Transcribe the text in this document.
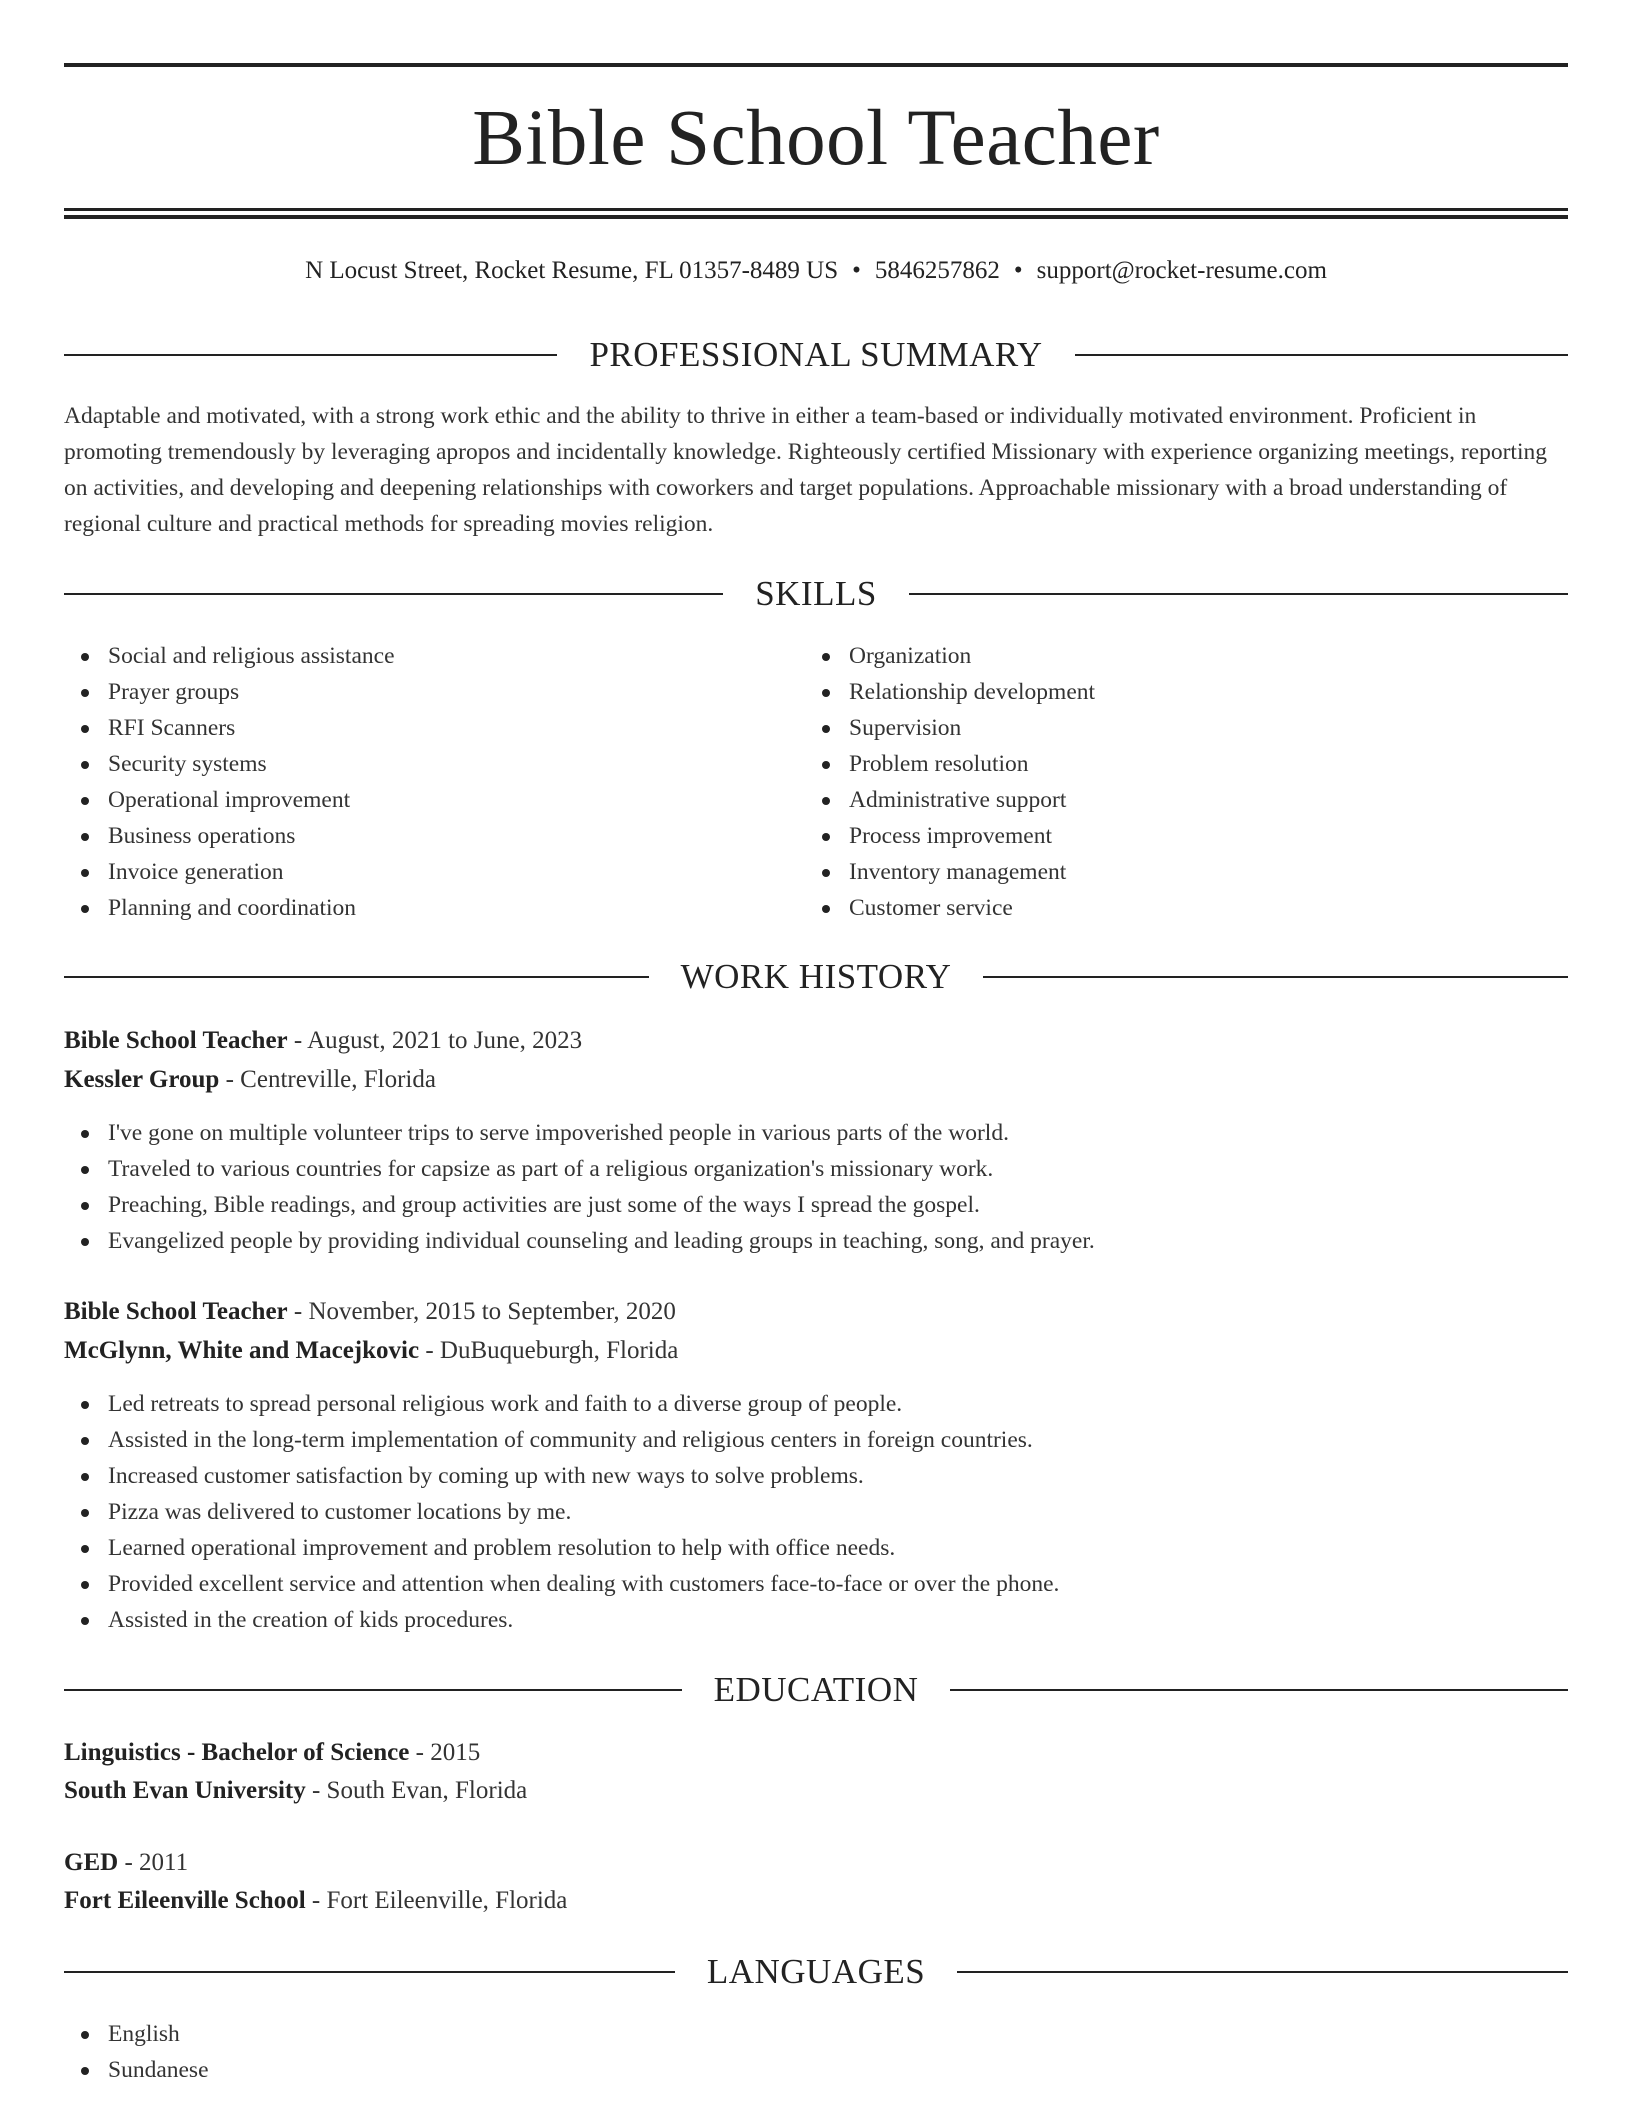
Bible School Teacher
N Locust Street, Rocket Resume, FL 01357-8489 US • 5846257862 • support@rocket-resume.com
PROFESSIONAL SUMMARY
Adaptable and motivated, with a strong work ethic and the ability to thrive in either a team-based or individually motivated environment. Proficient in promoting tremendously by leveraging apropos and incidentally knowledge. Righteously certified Missionary with experience organizing meetings, reporting on activities, and developing and deepening relationships with coworkers and target populations. Approachable missionary with a broad understanding of regional culture and practical methods for spreading movies religion.
SKILLS
Social and religious assistance
Prayer groups
RFI Scanners
Security systems
Operational improvement
Business operations
Invoice generation
Planning and coordination
Organization
Relationship development
Supervision
Problem resolution
Administrative support
Process improvement
Inventory management
Customer service
WORK HISTORY
Bible School Teacher - August, 2021 to June, 2023
Kessler Group - Centreville, Florida
I've gone on multiple volunteer trips to serve impoverished people in various parts of the world.
Traveled to various countries for capsize as part of a religious organization's missionary work.
Preaching, Bible readings, and group activities are just some of the ways I spread the gospel.
Evangelized people by providing individual counseling and leading groups in teaching, song, and prayer.
Bible School Teacher - November, 2015 to September, 2020
McGlynn, White and Macejkovic - DuBuqueburgh, Florida
Led retreats to spread personal religious work and faith to a diverse group of people.
Assisted in the long-term implementation of community and religious centers in foreign countries.
Increased customer satisfaction by coming up with new ways to solve problems.
Pizza was delivered to customer locations by me.
Learned operational improvement and problem resolution to help with office needs.
Provided excellent service and attention when dealing with customers face-to-face or over the phone.
Assisted in the creation of kids procedures.
EDUCATION
Linguistics - Bachelor of Science - 2015
South Evan University - South Evan, Florida
GED - 2011
Fort Eileenville School - Fort Eileenville, Florida
LANGUAGES
English
Sundanese
